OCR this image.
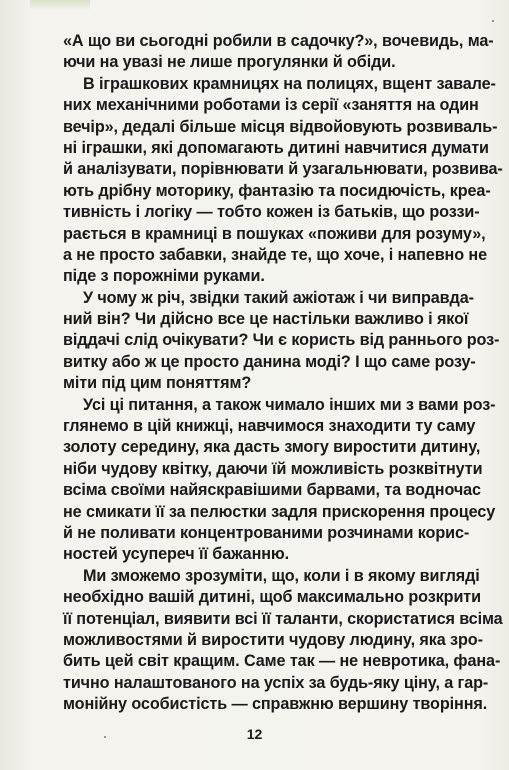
«А що ви сьогодні робили в садочку?», вочевидь, ма-
ючи на увазі не лише прогулянки й обіди.
В іграшкових крамницях на полицях, вщент завале-
них механічними роботами із серії «заняття на один
вечір», дедалі більше місця відвойовують розвиваль-
ні іграшки, які допомагають дитині навчитися думати
й аналізувати, порівнювати й узагальнювати, розвива-
ють дрібну моторику, фантазію та посидючість, креа-
тивність і логіку — тобто кожен із батьків, що роззи-
рається в крамниці в пошуках «поживи для розуму»,
а не просто забавки, знайде те, що хоче, і напевно не
піде з порожніми руками.
У чому ж річ, звідки такий ажіотаж і чи виправда-
ний він? Чи дійсно все це настільки важливо і якої
віддачі слід очікувати? Чи є користь від раннього роз-
витку або ж це просто данина моді? І що саме розу-
міти під цим поняттям?
Усі ці питання, а також чимало інших ми з вами роз-
глянемо в цій книжці, навчимося знаходити ту саму
золоту середину, яка дасть змогу виростити дитину,
ніби чудову квітку, даючи їй можливість розквітнути
всіма своїми найяскравішими барвами, та водночас
не смикати її за пелюстки задля прискорення процесу
й не поливати концентрованими розчинами корис-
ностей усупереч її бажанню.
Ми зможемо зрозуміти, що, коли і в якому вигляді
необхідно вашій дитині, щоб максимально розкрити
її потенціал, виявити всі її таланти, скористатися всіма
можливостями й виростити чудову людину, яка зро-
бить цей світ кращим. Саме так — не невротика, фана-
тично налаштованого на успіх за будь-яку ціну, а гар-
монійну особистість — справжню вершину творіння.
12
